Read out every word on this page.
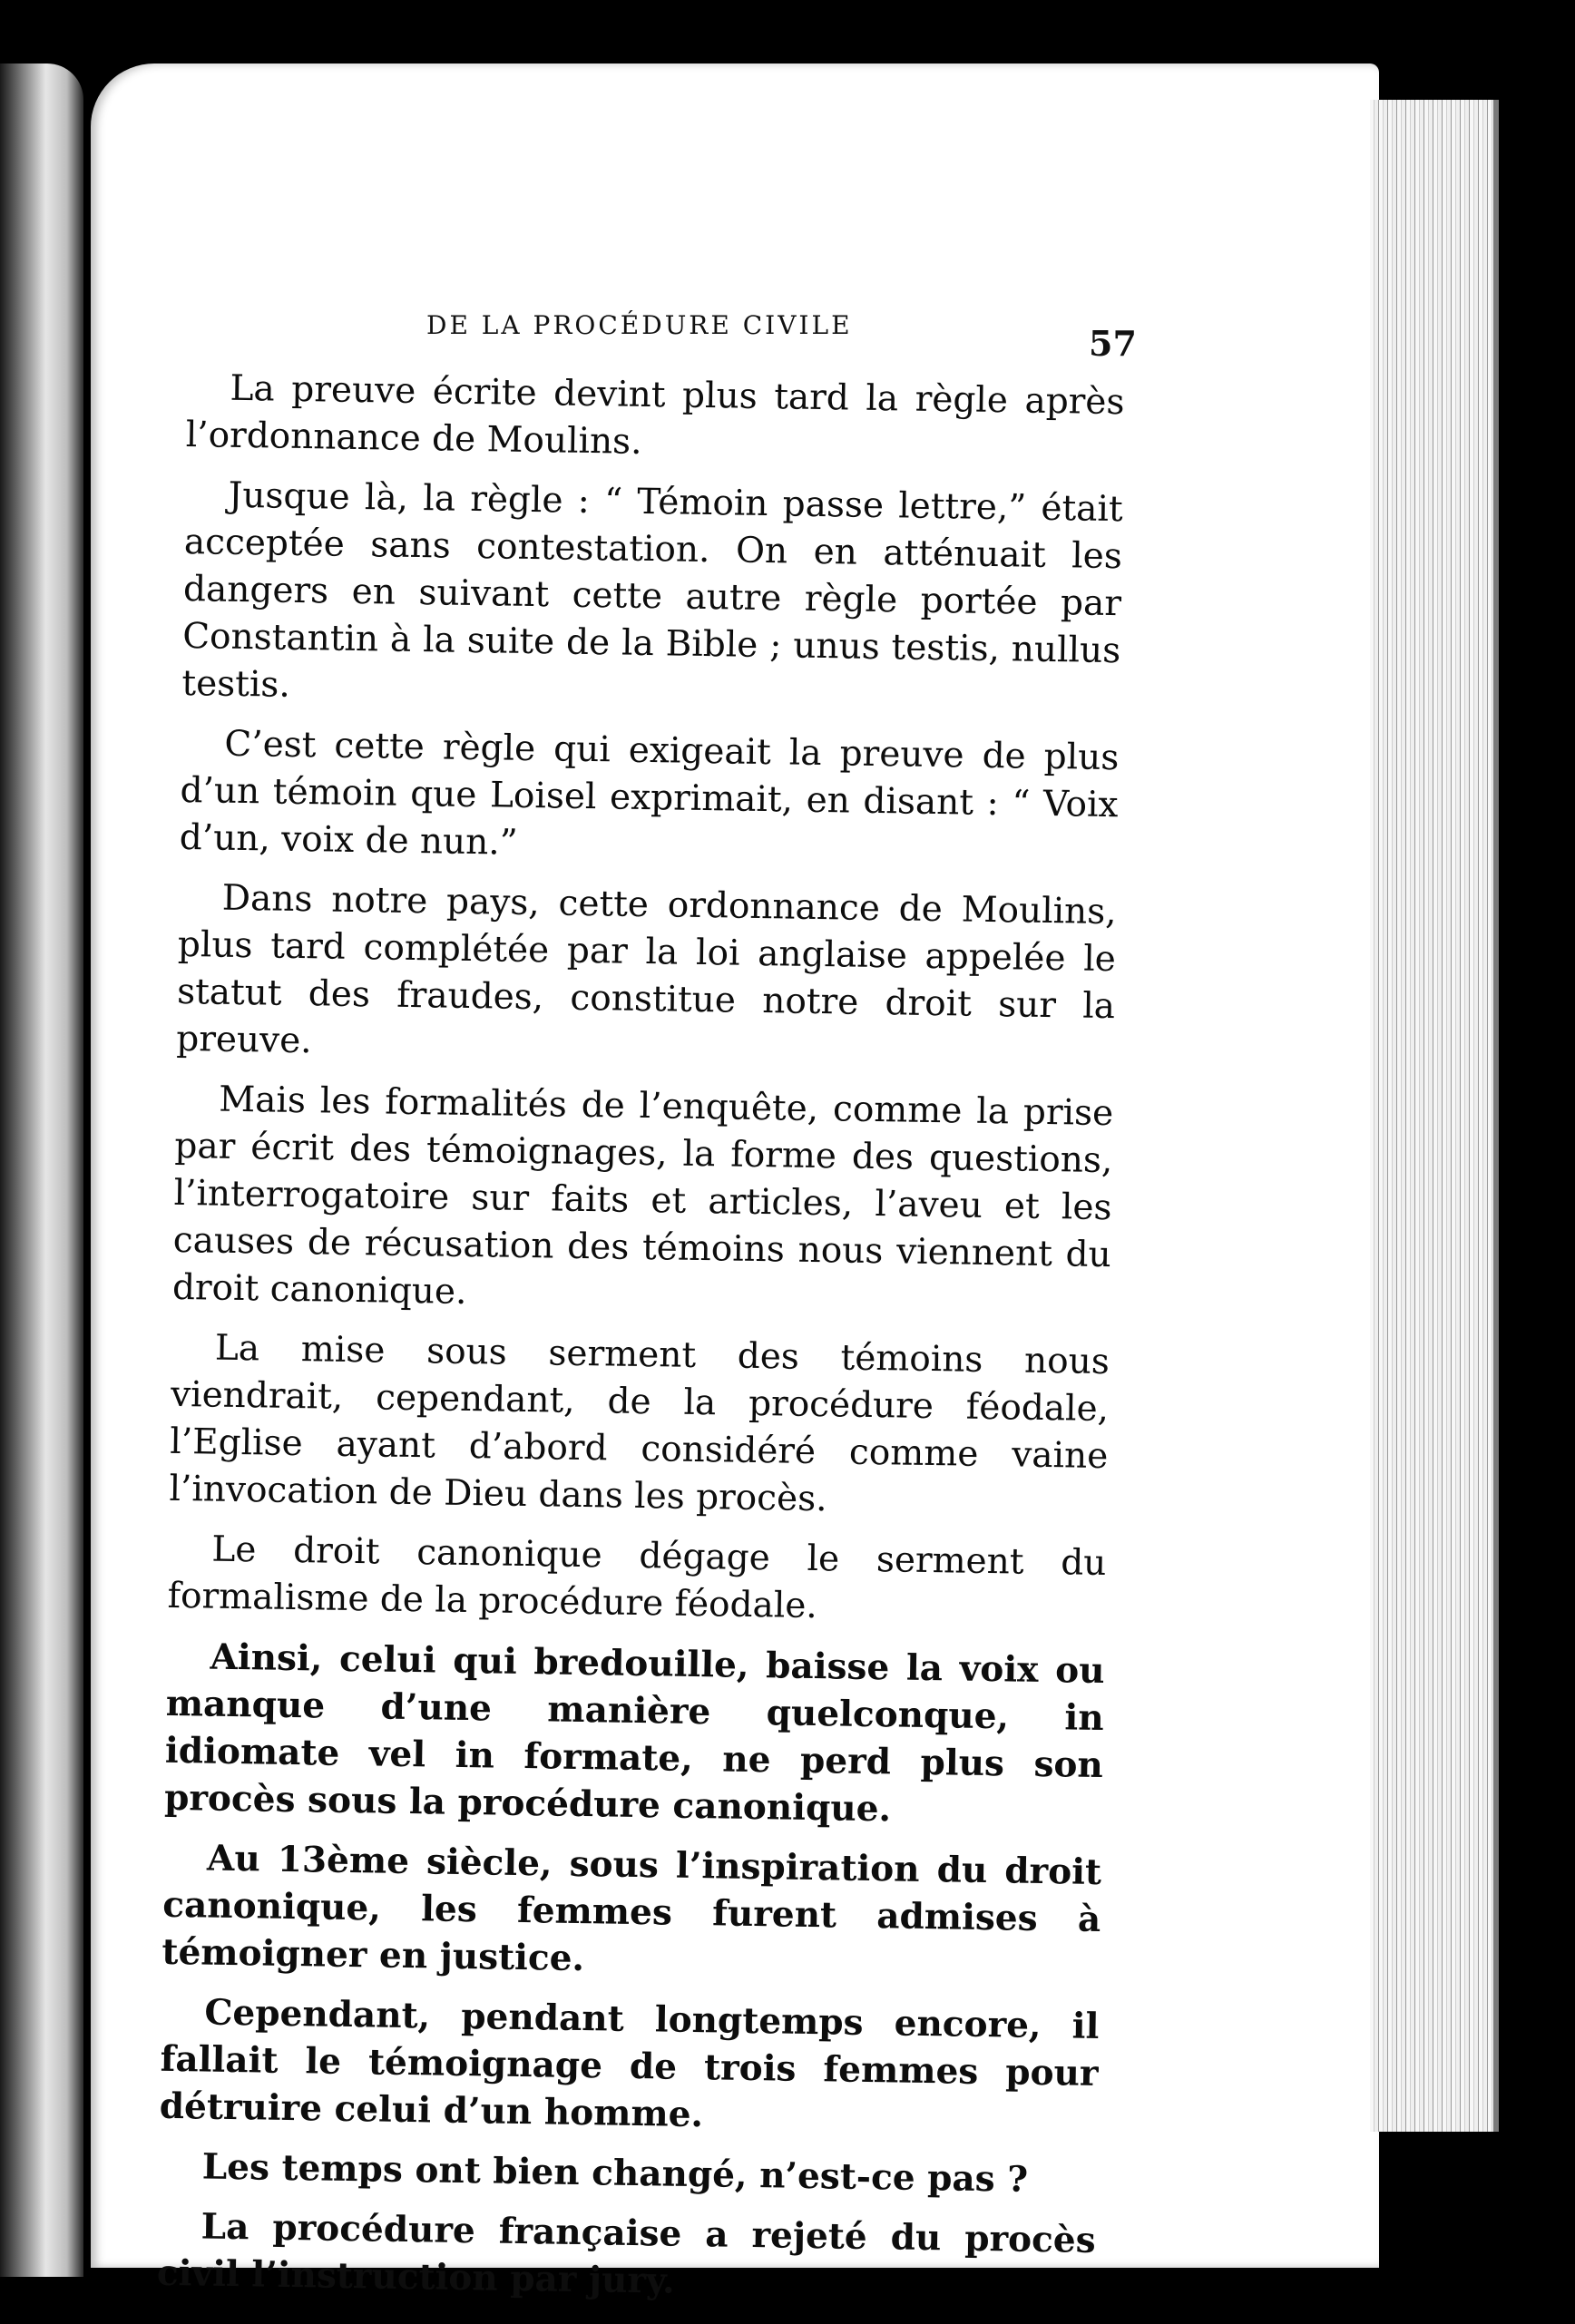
DE LA PROCÉDURE CIVILE	57

La preuve écrite devint plus tard la règle après l’ordonnance de Moulins.

Jusque là, la règle : “ Témoin passe lettre,” était acceptée sans contestation. On en atténuait les dangers en suivant cette autre règle portée par Constantin à la suite de la Bible ; unus testis, nullus testis.

C’est cette règle qui exigeait la preuve de plus d’un témoin que Loisel exprimait, en disant : “ Voix d’un, voix de nun.”

Dans notre pays, cette ordonnance de Moulins, plus tard complétée par la loi anglaise appelée le statut des fraudes, constitue notre droit sur la preuve.

Mais les formalités de l’enquête, comme la prise par écrit des témoignages, la forme des questions, l’interrogatoire sur faits et articles, l’aveu et les causes de récusation des témoins nous viennent du droit canonique.

La mise sous serment des témoins nous viendrait, cependant, de la procédure féodale, l’Eglise ayant d’abord considéré comme vaine l’invocation de Dieu dans les procès.

Le droit canonique dégage le serment du formalisme de la procédure féodale.

Ainsi, celui qui bredouille, baisse la voix ou manque d’une manière quelconque, in idiomate vel in formate, ne perd plus son procès sous la procédure canonique.

Au 13ème siècle, sous l’inspiration du droit canonique, les femmes furent admises à témoigner en justice.

Cependant, pendant longtemps encore, il fallait le témoignage de trois femmes pour détruire celui d’un homme.

Les temps ont bien changé, n’est-ce pas ?

La procédure française a rejeté du procès civil l’instruction par jury.
